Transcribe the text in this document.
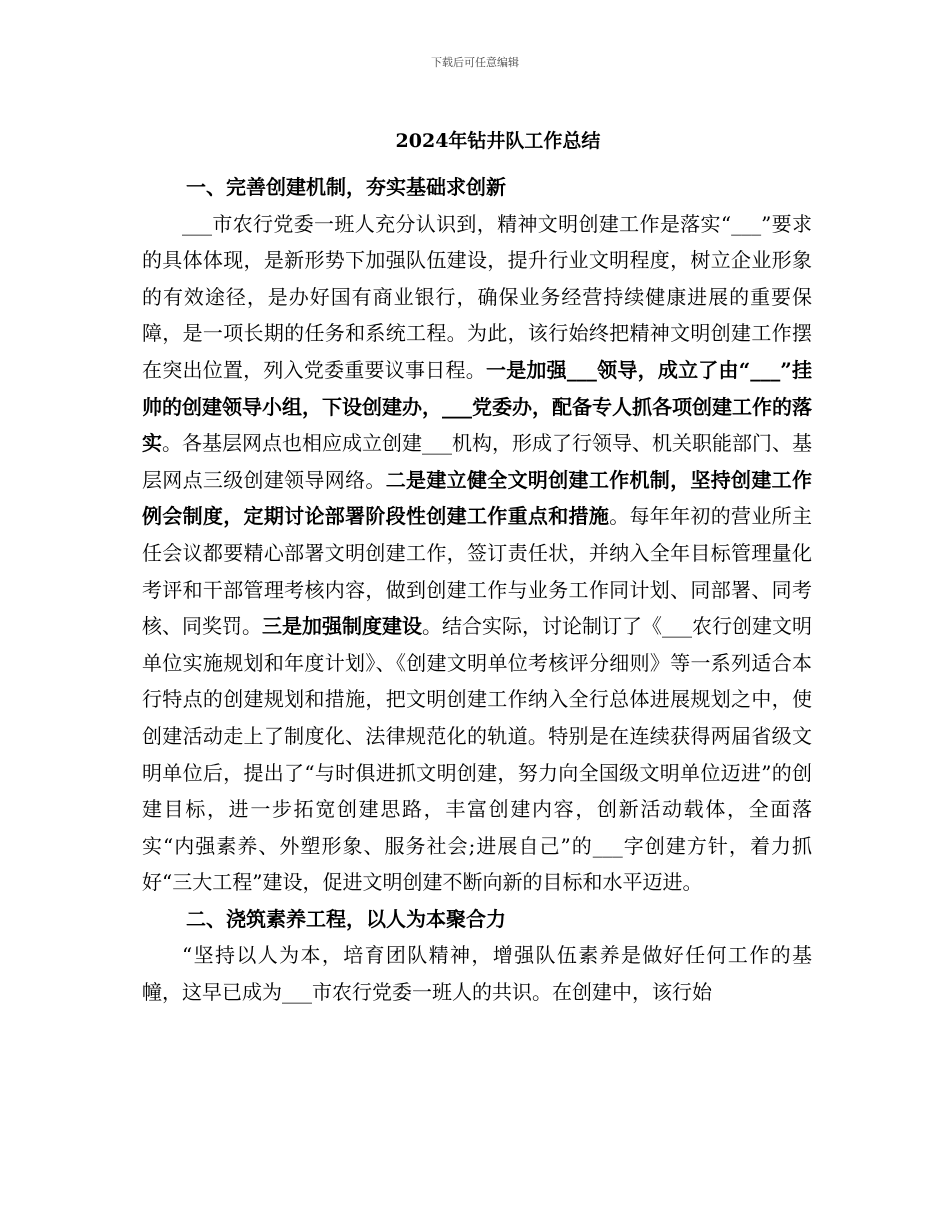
下载后可任意编辑
2024年钻井队工作总结

一、完善创建机制，夯实基础求创新

___市农行党委一班人充分认识到，精神文明创建工作是落实“___”要求的具体体现，是新形势下加强队伍建设，提升行业文明程度，树立企业形象的有效途径，是办好国有商业银行，确保业务经营持续健康进展的重要保障，是一项长期的任务和系统工程。为此，该行始终把精神文明创建工作摆在突出位置，列入党委重要议事日程。一是加强___领导，成立了由“___”挂帅的创建领导小组，下设创建办，___党委办，配备专人抓各项创建工作的落实。各基层网点也相应成立创建___机构，形成了行领导、机关职能部门、基层网点三级创建领导网络。二是建立健全文明创建工作机制，坚持创建工作例会制度，定期讨论部署阶段性创建工作重点和措施。每年年初的营业所主任会议都要精心部署文明创建工作，签订责任状，并纳入全年目标管理量化考评和干部管理考核内容，做到创建工作与业务工作同计划、同部署、同考核、同奖罚。三是加强制度建设。结合实际，讨论制订了《___农行创建文明单位实施规划和年度计划》、《创建文明单位考核评分细则》等一系列适合本行特点的创建规划和措施，把文明创建工作纳入全行总体进展规划之中，使创建活动走上了制度化、法律规范化的轨道。特别是在连续获得两届省级文明单位后，提出了“与时俱进抓文明创建，努力向全国级文明单位迈进”的创建目标，进一步拓宽创建思路，丰富创建内容，创新活动载体，全面落实“内强素养、外塑形象、服务社会;进展自己”的___字创建方针，着力抓好“三大工程”建设，促进文明创建不断向新的目标和水平迈进。

二、浇筑素养工程，以人为本聚合力

“坚持以人为本，培育团队精神，增强队伍素养是做好任何工作的基幢，这早已成为___市农行党委一班人的共识。在创建中，该行始
